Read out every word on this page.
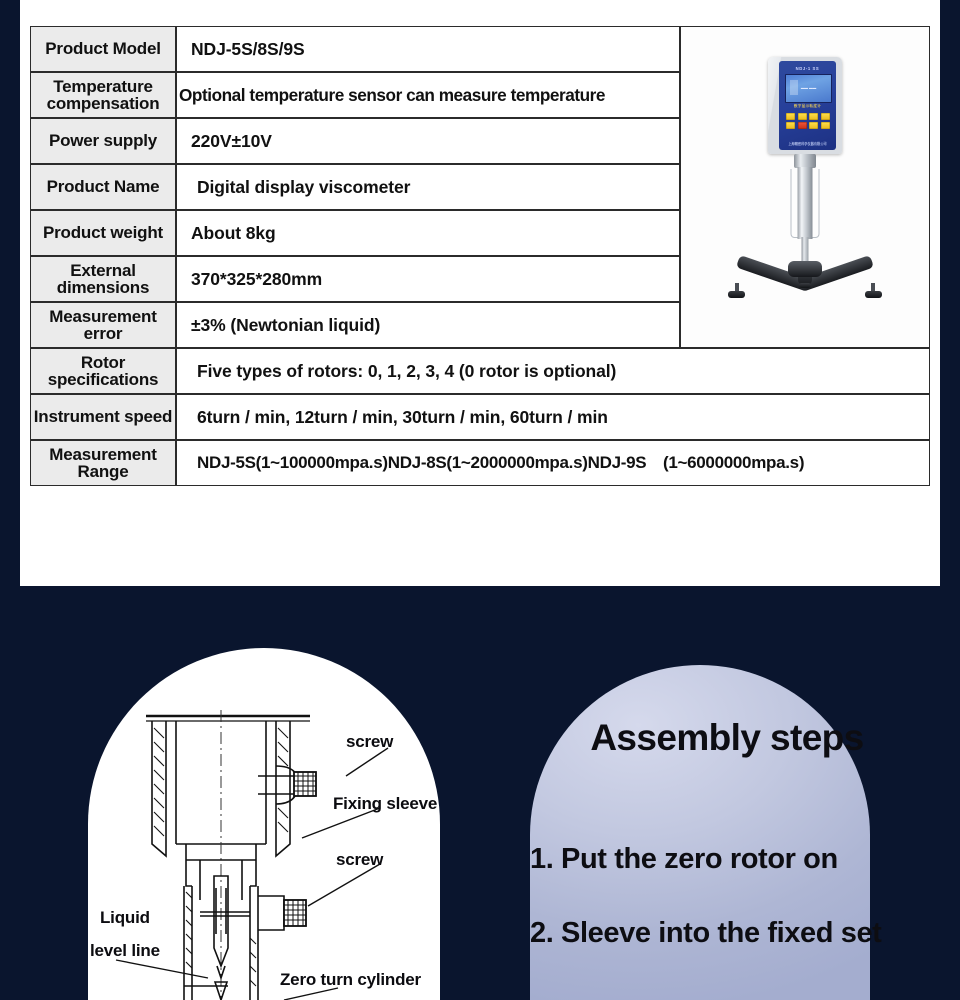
Product Model	NDJ-5S/8S/9S	NDJ-1 SS
▬▬ ▬▬
数字显示粘度计
上海精密科学仪器有限公司

Temperature compensation	Optional temperature sensor can measure temperature	
Power supply	220V±10V	
Product Name	Digital display viscometer	
Product weight	About 8kg	
External dimensions	370*325*280mm	
Measurement error	±3% (Newtonian liquid)	
Rotor specifications	Five types of rotors: 0, 1, 2, 3, 4 (0 rotor is optional)	
Instrument speed	6turn / min, 12turn / min, 30turn / min, 60turn / min	
Measurement Range	NDJ-5S(1~100000mpa.s)NDJ-8S(1~2000000mpa.s)NDJ-9S (1~6000000mpa.s)	
screw
Fixing sleeve
screw
Liquid
level line
Zero turn cylinder
Assembly steps
1. Put the zero rotor on
2. Sleeve into the fixed set
